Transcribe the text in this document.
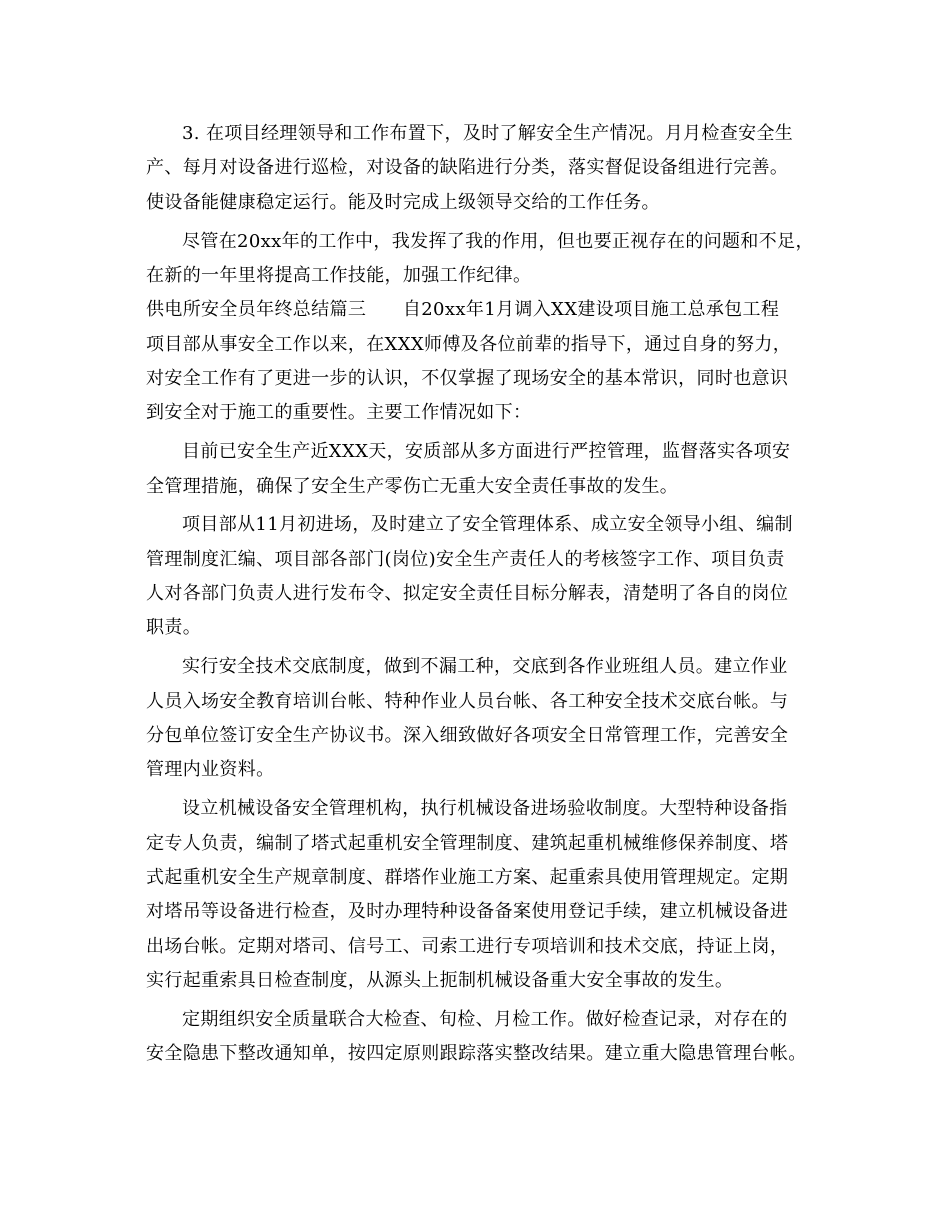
3. 在项目经理领导和工作布置下，及时了解安全生产情况。月月检查安全生
产、每月对设备进行巡检，对设备的缺陷进行分类，落实督促设备组进行完善。
使设备能健康稳定运行。能及时完成上级领导交给的工作任务。
尽管在20xx年的工作中，我发挥了我的作用，但也要正视存在的问题和不足，
在新的一年里将提高工作技能，加强工作纪律。
供电所安全员年终总结篇三　　自20xx年1月调入XX建设项目施工总承包工程
项目部从事安全工作以来，在XXX师傅及各位前辈的指导下，通过自身的努力，
对安全工作有了更进一步的认识，不仅掌握了现场安全的基本常识，同时也意识
到安全对于施工的重要性。主要工作情况如下：
目前已安全生产近XXX天，安质部从多方面进行严控管理，监督落实各项安
全管理措施，确保了安全生产零伤亡无重大安全责任事故的发生。
项目部从11月初进场，及时建立了安全管理体系、成立安全领导小组、编制
管理制度汇编、项目部各部门(岗位)安全生产责任人的考核签字工作、项目负责
人对各部门负责人进行发布令、拟定安全责任目标分解表，清楚明了各自的岗位
职责。
实行安全技术交底制度，做到不漏工种，交底到各作业班组人员。建立作业
人员入场安全教育培训台帐、特种作业人员台帐、各工种安全技术交底台帐。与
分包单位签订安全生产协议书。深入细致做好各项安全日常管理工作，完善安全
管理内业资料。
设立机械设备安全管理机构，执行机械设备进场验收制度。大型特种设备指
定专人负责，编制了塔式起重机安全管理制度、建筑起重机械维修保养制度、塔
式起重机安全生产规章制度、群塔作业施工方案、起重索具使用管理规定。定期
对塔吊等设备进行检查，及时办理特种设备备案使用登记手续，建立机械设备进
出场台帐。定期对塔司、信号工、司索工进行专项培训和技术交底，持证上岗，
实行起重索具日检查制度，从源头上扼制机械设备重大安全事故的发生。
定期组织安全质量联合大检查、旬检、月检工作。做好检查记录，对存在的
安全隐患下整改通知单，按四定原则跟踪落实整改结果。建立重大隐患管理台帐。
